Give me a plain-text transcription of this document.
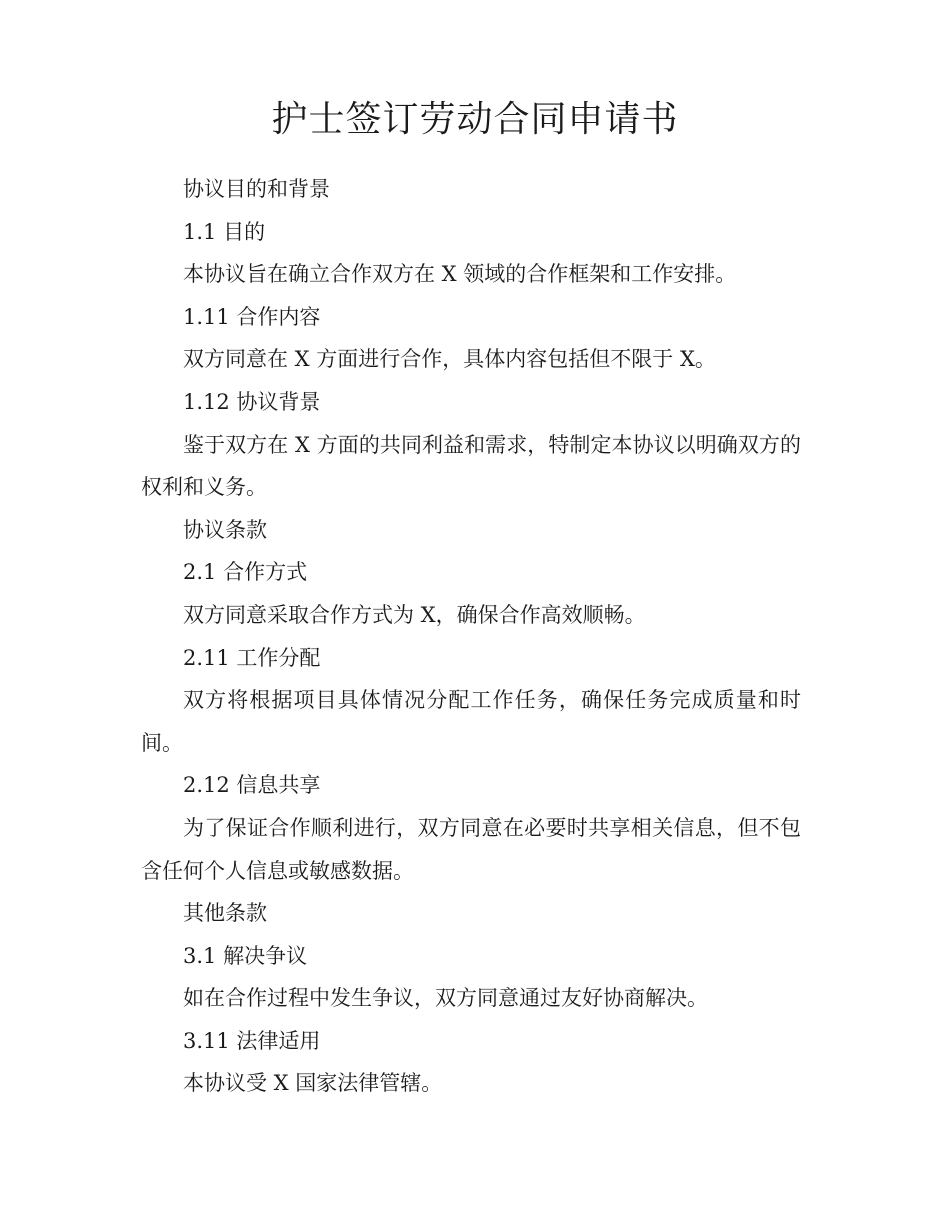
护士签订劳动合同申请书

协议目的和背景

1.1 目的

本协议旨在确立合作双方在 X 领域的合作框架和工作安排。

1.11 合作内容

双方同意在 X 方面进行合作，具体内容包括但不限于 X。

1.12 协议背景

鉴于双方在 X 方面的共同利益和需求，特制定本协议以明确双方的权利和义务。

协议条款

2.1 合作方式

双方同意采取合作方式为 X，确保合作高效顺畅。

2.11 工作分配

双方将根据项目具体情况分配工作任务，确保任务完成质量和时间。

2.12 信息共享

为了保证合作顺利进行，双方同意在必要时共享相关信息，但不包含任何个人信息或敏感数据。

其他条款

3.1 解决争议

如在合作过程中发生争议，双方同意通过友好协商解决。

3.11 法律适用

本协议受 X 国家法律管辖。
